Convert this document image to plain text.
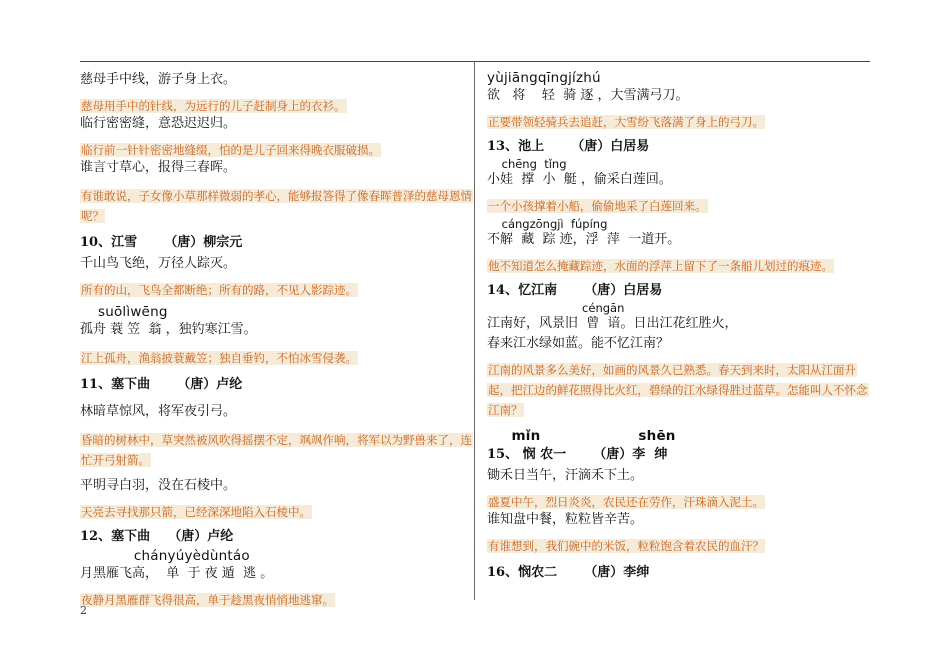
慈母手中线，游子身上衣。

慈母用手中的针线，为远行的儿子赶制身上的衣衫。

临行密密缝，意恐迟迟归。

临行前一针针密密地缝缀，怕的是儿子回来得晚衣服破损。

谁言寸草心，报得三春晖。

有谁敢说，子女像小草那样微弱的孝心，能够报答得了像春晖普泽的慈母恩情呢？

10、江雪      （唐）柳宗元

千山鸟飞绝，万径人踪灭。

所有的山，飞鸟全都断绝；所有的路，不见人影踪迹。

suōlìwēng

孤舟 蓑 笠  翁 ，独钓寒江雪。

江上孤舟，渔翁披蓑戴笠；独自垂钓，不怕冰雪侵袭。

11、塞下曲      （唐）卢纶

林暗草惊风，将军夜引弓。

昏暗的树林中，草突然被风吹得摇摆不定，飒飒作响，将军以为野兽来了，连忙开弓射箭。

平明寻白羽，没在石棱中。

天亮去寻找那只箭，已经深深地陷入石棱中。

12、塞下曲    （唐）卢纶

chányúyèdùntáo

月黑雁飞高，  单  于 夜 遁  逃 。

夜静月黑雁群飞得很高，单于趁黑夜悄悄地逃窜。

yùjiāngqīngjízhú

欲   将    轻  骑 逐 ，大雪满弓刀。

正要带领轻骑兵去追赶，大雪纷飞落满了身上的弓刀。

13、池上      （唐）白居易

chēng  tǐng

小娃  撑  小  艇 ，偷采白莲回。

一个小孩撑着小船，偷偷地采了白莲回来。

cángzōngjì  fúpíng

不解  藏  踪 迹，浮  萍  一道开。

他不知道怎么掩藏踪迹，水面的浮萍上留下了一条船儿划过的痕迹。

14、忆江南      （唐）白居易

céngān

江南好，风景旧  曾  谙。日出江花红胜火，

春来江水绿如蓝。能不忆江南？

江南的风景多么美好，如画的风景久已熟悉。春天到来时，太阳从江面升起，把江边的鲜花照得比火红，碧绿的江水绿得胜过蓝草。怎能叫人不怀念江南？

mǐn                    shēn

15、 悯 农一      （唐）李  绅

锄禾日当午，汗滴禾下土。

盛夏中午，烈日炎炎，农民还在劳作，汗珠滴入泥土。

谁知盘中餐，粒粒皆辛苦。

有谁想到，我们碗中的米饭，粒粒饱含着农民的血汗？

16、悯农二      （唐）李绅

2
